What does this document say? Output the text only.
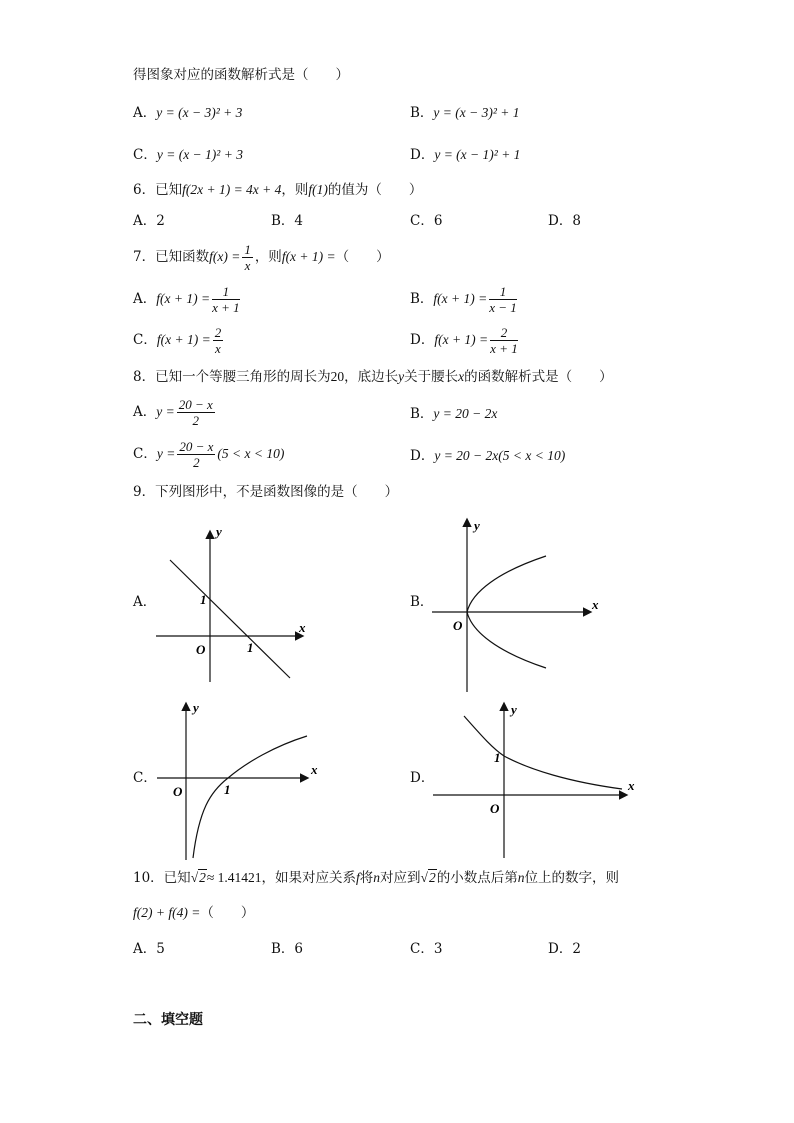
得图象对应的函数解析式是（　　）
A．y = (x − 3)² + 3	B．y = (x − 3)² + 1
C．y = (x − 1)² + 3	D．y = (x − 1)² + 1
6．已知f(2x + 1) = 4x + 4，则f(1)的值为（　　）
A．2	B．4	C．6	D．8
7．已知函数$f(x) = \frac{1}{x}$ ，则f(x + 1) =（　　）
A．$f(x + 1) = \frac{1}{x + 1}$	B．$f(x + 1) = \frac{1}{x - 1}$
C．$f(x + 1) = \frac{2}{x}$	D．$f(x + 1) = \frac{2}{x + 1}$
8．已知一个等腰三角形的周长为20，底边长y关于腰长x的函数解析式是（　　）
A．$y = \frac{20 - x}{2}$	B．y = 20 − 2x
C．$y = \frac{20 - x}{2} (5 < x < 10)$	D．y = 20 − 2x(5 < x < 10)
9．下列图形中，不是函数图像的是（　　）
A．	B．
C．	D．
y
x
O
1
1
y
x
O
y
x
O	1
y
x
O
1
10．已知√2≈ 1.41421，如果对应关系f将n对应到√2的小数点后第n位上的数字，则
f(2) + f(4) =（　　）
A．5	B．6	C．3	D．2
二、填空题
